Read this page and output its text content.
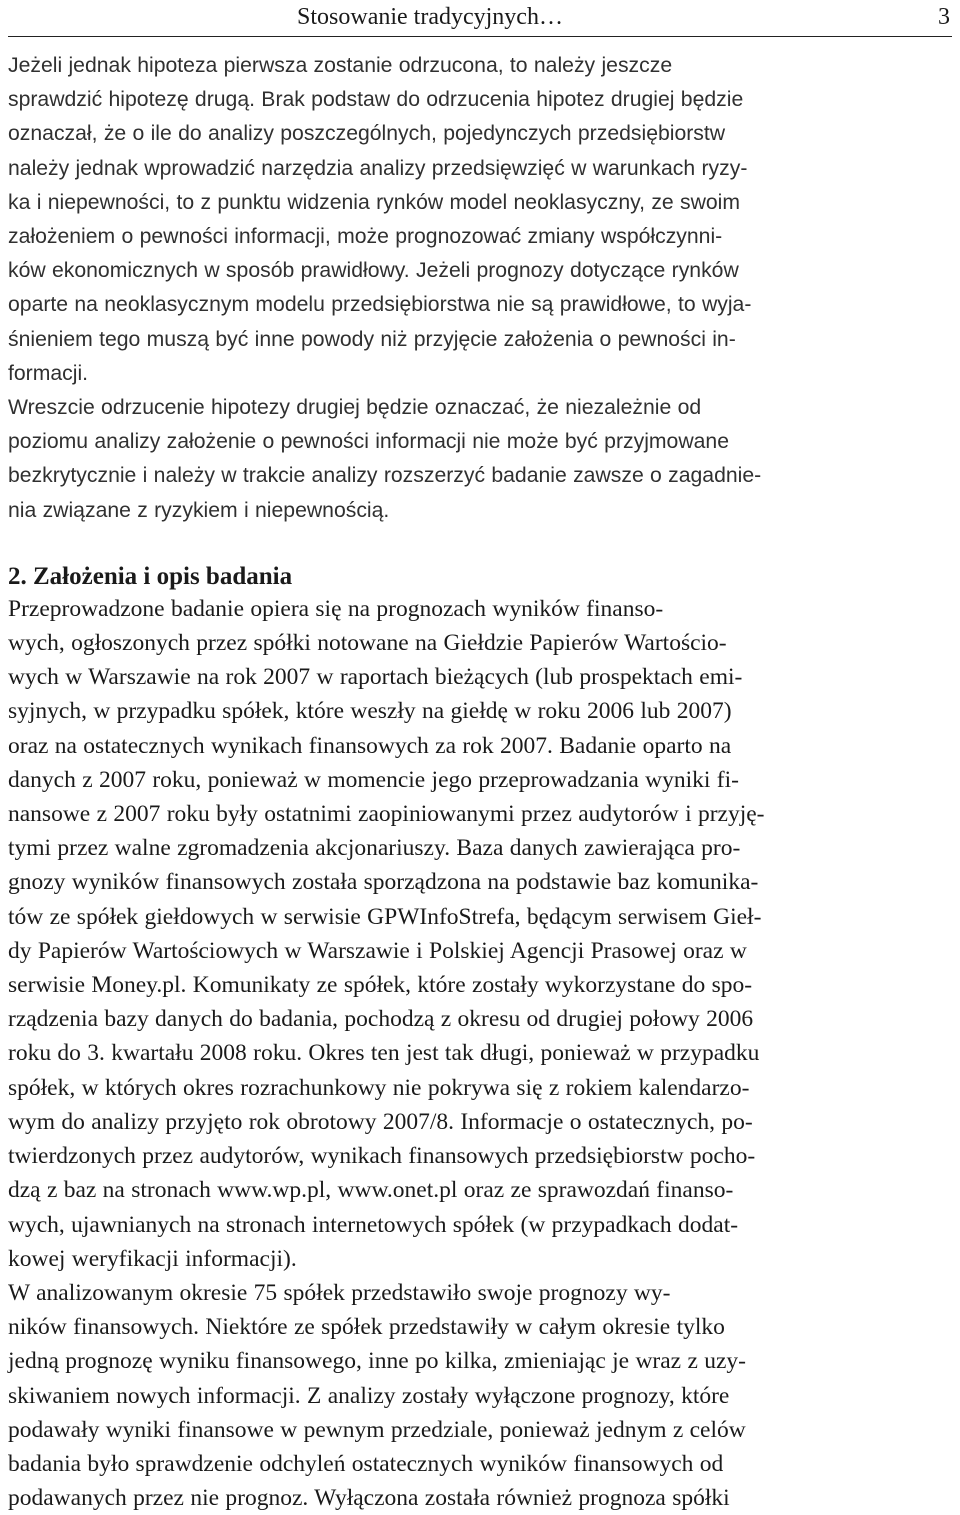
Stosowanie tradycyjnych…	3

Jeżeli jednak hipoteza pierwsza zostanie odrzucona, to należy jeszcze
sprawdzić hipotezę drugą. Brak podstaw do odrzucenia hipotez drugiej będzie
oznaczał, że o ile do analizy poszczególnych, pojedynczych przedsiębiorstw
należy jednak wprowadzić narzędzia analizy przedsięwzięć w warunkach ryzy-
ka i niepewności, to z punktu widzenia rynków model neoklasyczny, ze swoim
założeniem o pewności informacji, może prognozować zmiany współczynni-
ków ekonomicznych w sposób prawidłowy. Jeżeli prognozy dotyczące rynków
oparte na neoklasycznym modelu przedsiębiorstwa nie są prawidłowe, to wyja-
śnieniem tego muszą być inne powody niż przyjęcie założenia o pewności in-
formacji.

Wreszcie odrzucenie hipotezy drugiej będzie oznaczać, że niezależnie od
poziomu analizy założenie o pewności informacji nie może być przyjmowane
bezkrytycznie i należy w trakcie analizy rozszerzyć badanie zawsze o zagadnie-
nia związane z ryzykiem i niepewnością.

2. Założenia i opis badania

Przeprowadzone badanie opiera się na prognozach wyników finanso-
wych, ogłoszonych przez spółki notowane na Giełdzie Papierów Wartościo-
wych w Warszawie na rok 2007 w raportach bieżących (lub prospektach emi-
syjnych, w przypadku spółek, które weszły na giełdę w roku 2006 lub 2007)
oraz na ostatecznych wynikach finansowych za rok 2007. Badanie oparto na
danych z 2007 roku, ponieważ w momencie jego przeprowadzania wyniki fi-
nansowe z 2007 roku były ostatnimi zaopiniowanymi przez audytorów i przyję-
tymi przez walne zgromadzenia akcjonariuszy. Baza danych zawierająca pro-
gnozy wyników finansowych została sporządzona na podstawie baz komunika-
tów ze spółek giełdowych w serwisie GPWInfoStrefa, będącym serwisem Gieł-
dy Papierów Wartościowych w Warszawie i Polskiej Agencji Prasowej oraz w
serwisie Money.pl. Komunikaty ze spółek, które zostały wykorzystane do spo-
rządzenia bazy danych do badania, pochodzą z okresu od drugiej połowy 2006
roku do 3. kwartału 2008 roku. Okres ten jest tak długi, ponieważ w przypadku
spółek, w których okres rozrachunkowy nie pokrywa się z rokiem kalendarzo-
wym do analizy przyjęto rok obrotowy 2007/8. Informacje o ostatecznych, po-
twierdzonych przez audytorów, wynikach finansowych przedsiębiorstw pocho-
dzą z baz na stronach www.wp.pl, www.onet.pl oraz ze sprawozdań finanso-
wych, ujawnianych na stronach internetowych spółek (w przypadkach dodat-
kowej weryfikacji informacji).

W analizowanym okresie 75 spółek przedstawiło swoje prognozy wy-
ników finansowych. Niektóre ze spółek przedstawiły w całym okresie tylko
jedną prognozę wyniku finansowego, inne po kilka, zmieniając je wraz z uzy-
skiwaniem nowych informacji. Z analizy zostały wyłączone prognozy, które
podawały wyniki finansowe w pewnym przedziale, ponieważ jednym z celów
badania było sprawdzenie odchyleń ostatecznych wyników finansowych od
podawanych przez nie prognoz. Wyłączona została również prognoza spółki
